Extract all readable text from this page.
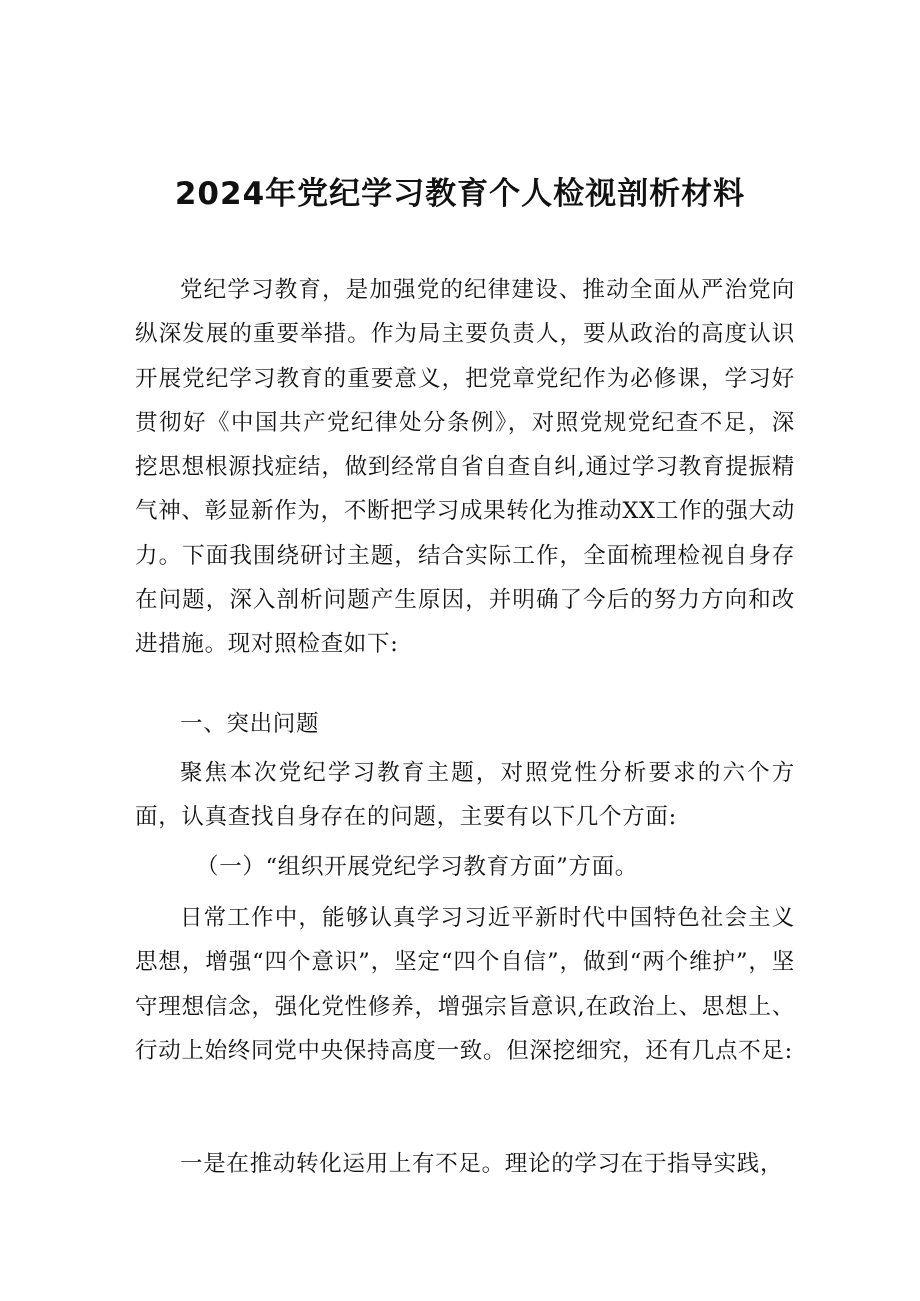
2024年党纪学习教育个人检视剖析材料

党纪学习教育，是加强党的纪律建设、推动全面从严治党向纵深发展的重要举措。作为局主要负责人，要从政治的高度认识开展党纪学习教育的重要意义，把党章党纪作为必修课，学习好贯彻好《中国共产党纪律处分条例》，对照党规党纪查不足，深挖思想根源找症结，做到经常自省自查自纠,通过学习教育提振精气神、彰显新作为，不断把学习成果转化为推动XX工作的强大动力。下面我围绕研讨主题，结合实际工作，全面梳理检视自身存在问题，深入剖析问题产生原因，并明确了今后的努力方向和改进措施。现对照检查如下:

一、突出问题

聚焦本次党纪学习教育主题，对照党性分析要求的六个方面，认真查找自身存在的问题，主要有以下几个方面:

（一）“组织开展党纪学习教育方面”方面。

日常工作中，能够认真学习习近平新时代中国特色社会主义思想，增强“四个意识”，坚定“四个自信”，做到“两个维护”，坚守理想信念，强化党性修养，增强宗旨意识,在政治上、思想上、行动上始终同党中央保持高度一致。但深挖细究，还有几点不足:

一是在推动转化运用上有不足。理论的学习在于指导实践，
